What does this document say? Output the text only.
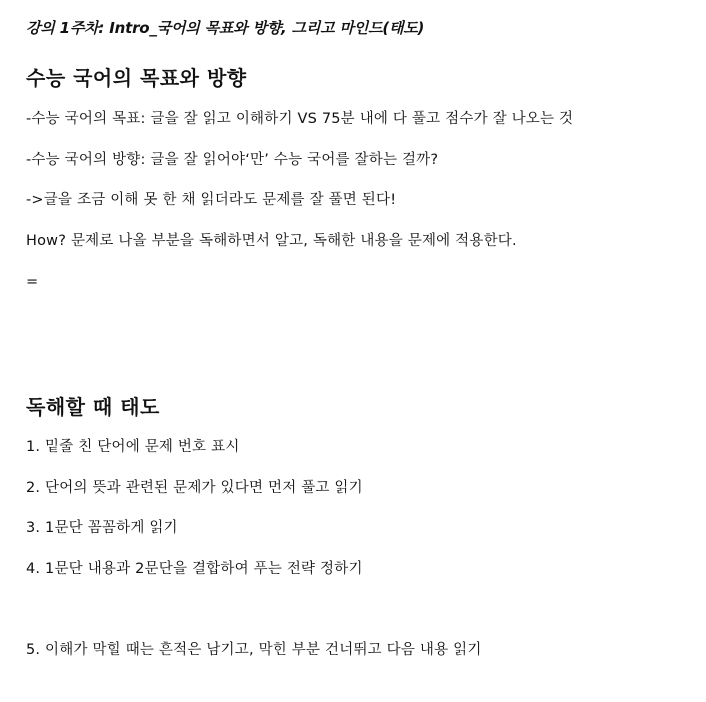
강의 1주차: Intro_국어의 목표와 방향, 그리고 마인드(태도)
수능 국어의 목표와 방향
-수능 국어의 목표: 글을 잘 읽고 이해하기 VS 75분 내에 다 풀고 점수가 잘 나오는 것
-수능 국어의 방향: 글을 잘 읽어야‘만’ 수능 국어를 잘하는 걸까?
->글을 조금 이해 못 한 채 읽더라도 문제를 잘 풀면 된다!
How? 문제로 나올 부분을 독해하면서 알고, 독해한 내용을 문제에 적용한다.
=
독해할 때 태도
1. 밑줄 친 단어에 문제 번호 표시
2. 단어의 뜻과 관련된 문제가 있다면 먼저 풀고 읽기
3. 1문단 꼼꼼하게 읽기
4. 1문단 내용과 2문단을 결합하여 푸는 전략 정하기
5. 이해가 막힐 때는 흔적은 남기고, 막힌 부분 건너뛰고 다음 내용 읽기
